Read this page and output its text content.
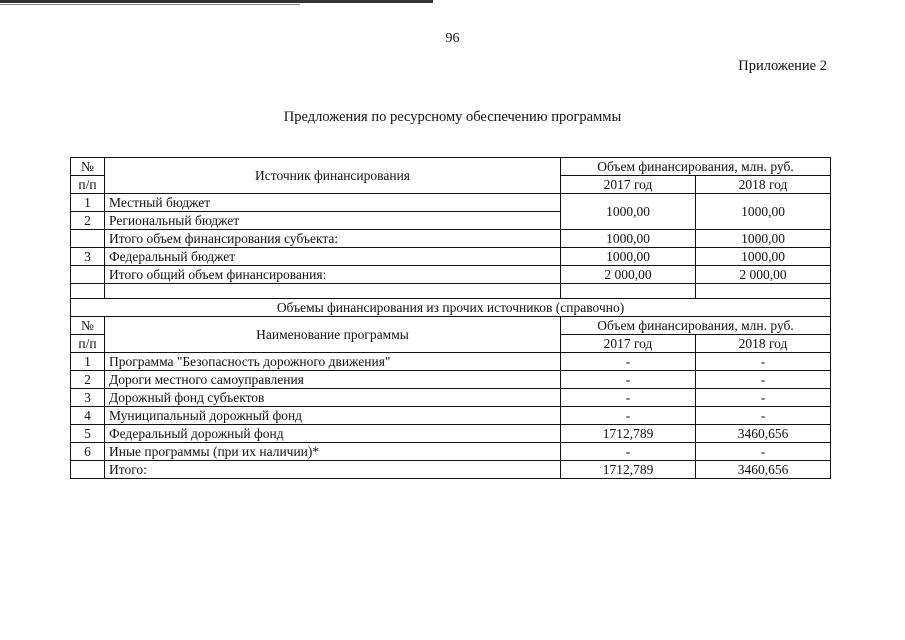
96
Приложение 2
Предложения по ресурсному обеспечению программы
№	Источник финансирования	Объем финансирования, млн. руб.	
п/п		2017 год	2018 год
1	Местный бюджет	1000,00	1000,00
2	Региональный бюджет		
	Итого объем финансирования субъекта:	1000,00	1000,00
3	Федеральный бюджет	1000,00	1000,00
	Итого общий объем финансирования:	2 000,00	2 000,00

Объемы финансирования из прочих источников (справочно)			
№	Наименование программы	Объем финансирования, млн. руб.	
п/п		2017 год	2018 год
1	Программа "Безопасность дорожного движения"	-	-
2	Дороги местного самоуправления	-	-
3	Дорожный фонд субъектов	-	-
4	Муниципальный дорожный фонд	-	-
5	Федеральный дорожный фонд	1712,789	3460,656
6	Иные программы (при их наличии)*	-	-
	Итого:	1712,789	3460,656
